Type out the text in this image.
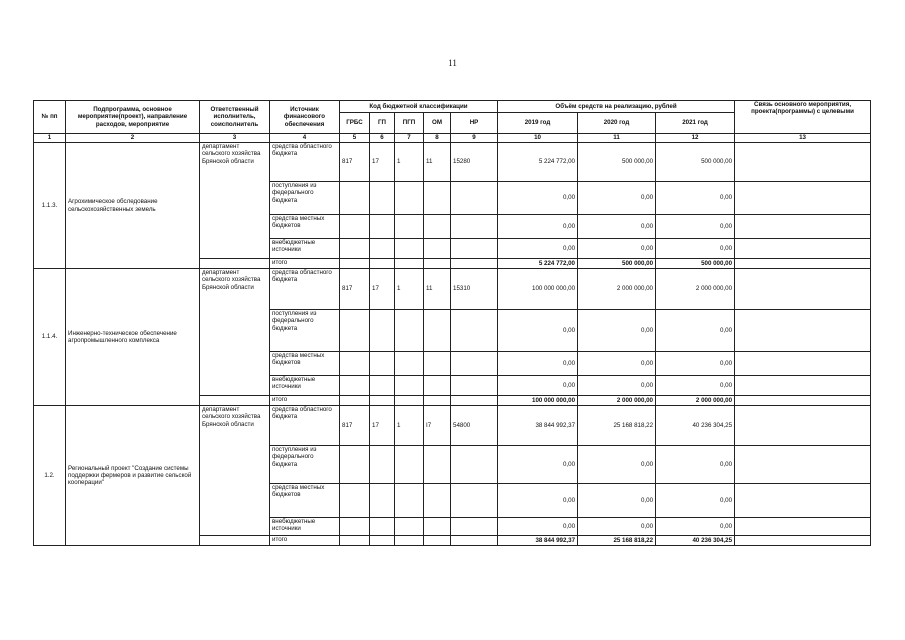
11
№ пп	Подпрограмма, основное мероприятие(проект), направление расходов, мероприятие	Ответственный исполнитель, соисполнитель	Источник финансового обеспечения	Код бюджетной классификации					Объём средств на реализацию, рублей			Связь основного мероприятия, проекта(программы) с целевыми
				ГРБС	ГП	ПГП	ОМ	НР	2019 год	2020 год	2021 год	
1	2	3	4	5	6	7	8	9	10	11	12	13
1.1.3.	Агрохимическое обследование сельскохозяйственных земель	департамент сельского хозяйства Брянской области	средства областного бюджета	817	17	1	11	15280	5 224 772,00	500 000,00	500 000,00	
			поступления из федерального бюджета						0,00	0,00	0,00	
			средства местных бюджетов						0,00	0,00	0,00	
			внебюджетные источники						0,00	0,00	0,00	
			итого						5 224 772,00	500 000,00	500 000,00	
1.1.4.	Инженерно-техническое обеспечение агропромышленного комплекса	департамент сельского хозяйства Брянской области	средства областного бюджета	817	17	1	11	15310	100 000 000,00	2 000 000,00	2 000 000,00	
			поступления из федерального бюджета						0,00	0,00	0,00	
			средства местных бюджетов						0,00	0,00	0,00	
			внебюджетные источники						0,00	0,00	0,00	
			итого						100 000 000,00	2 000 000,00	2 000 000,00	
1.2.	Региональный проект "Создание системы поддержки фермеров и развитие сельской кооперации"	департамент сельского хозяйства Брянской области	средства областного бюджета	817	17	1	I7	54800	38 844 992,37	25 168 818,22	40 236 304,25	
			поступления из федерального бюджета						0,00	0,00	0,00	
			средства местных бюджетов						0,00	0,00	0,00	
			внебюджетные источники						0,00	0,00	0,00	
			итого						38 844 992,37	25 168 818,22	40 236 304,25	
